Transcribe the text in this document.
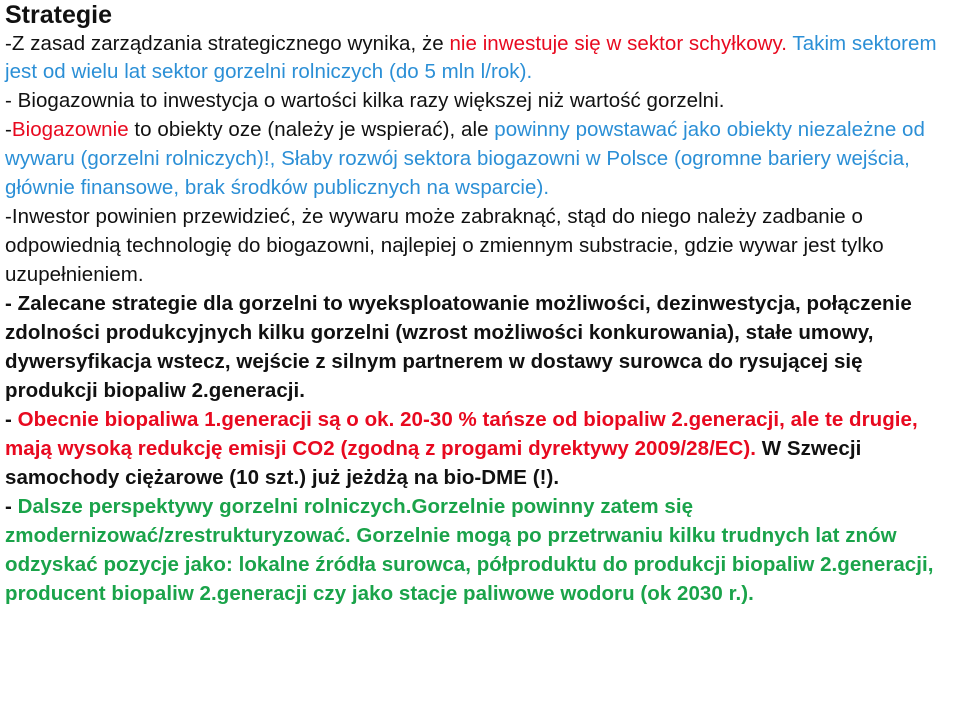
Strategie

-Z zasad zarządzania strategicznego wynika, że nie inwestuje się w sektor schyłkowy. Takim sektorem jest od wielu lat sektor gorzelni rolniczych (do 5 mln l/rok).

- Biogazownia to inwestycja o wartości kilka razy większej niż wartość gorzelni.

-Biogazownie to obiekty oze (należy je wspierać), ale powinny powstawać jako obiekty niezależne od wywaru (gorzelni rolniczych)!, Słaby rozwój sektora biogazowni w Polsce (ogromne bariery wejścia, głównie finansowe, brak środków publicznych na wsparcie).

-Inwestor powinien przewidzieć, że wywaru może zabraknąć, stąd do niego należy zadbanie o odpowiednią technologię do biogazowni, najlepiej o zmiennym substracie, gdzie wywar jest tylko uzupełnieniem.

- Zalecane strategie dla gorzelni to wyeksploatowanie możliwości, dezinwestycja, połączenie zdolności produkcyjnych kilku gorzelni (wzrost możliwości konkurowania), stałe umowy, dywersyfikacja wstecz, wejście z silnym partnerem w dostawy surowca do rysującej się produkcji biopaliw 2.generacji.

- Obecnie biopaliwa 1.generacji są o ok. 20-30 % tańsze od biopaliw 2.generacji, ale te drugie, mają wysoką redukcję emisji CO2 (zgodną z progami dyrektywy 2009/28/EC). W Szwecji samochody ciężarowe (10 szt.) już jeżdżą na bio-DME (!).

- Dalsze perspektywy gorzelni rolniczych.Gorzelnie powinny zatem się zmodernizować/zrestrukturyzować. Gorzelnie mogą po przetrwaniu kilku trudnych lat znów odzyskać pozycje jako: lokalne źródła surowca, półproduktu do produkcji biopaliw 2.generacji, producent biopaliw 2.generacji czy jako stacje paliwowe wodoru (ok 2030 r.).
